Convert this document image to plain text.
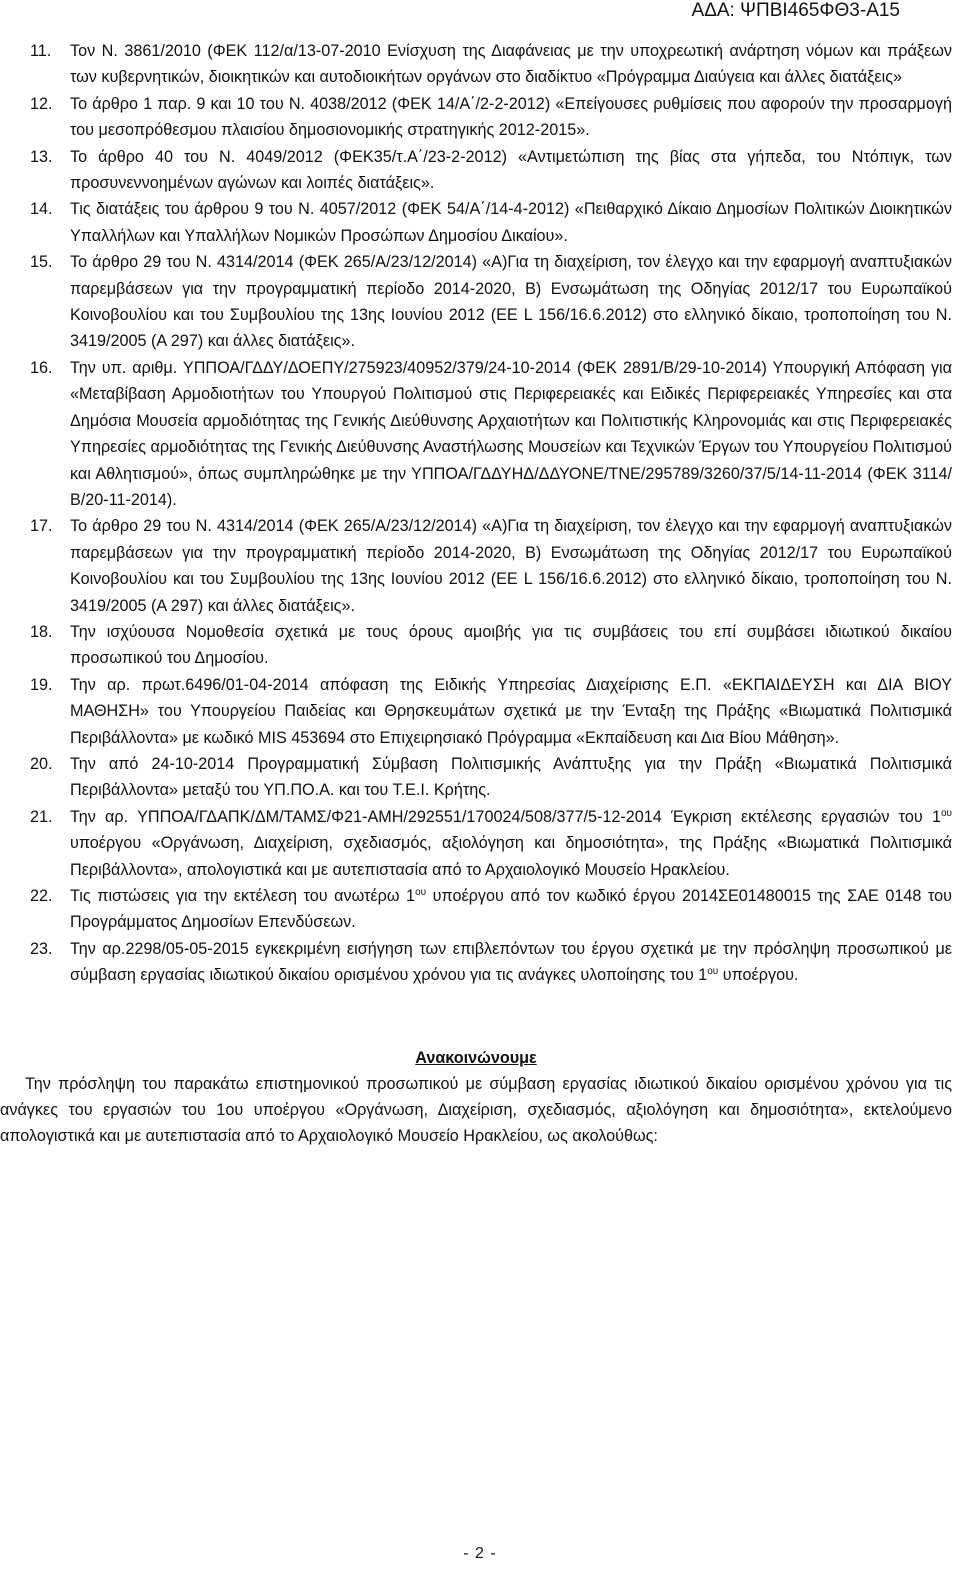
ΑΔΑ: ΨΠΒΙ465ΦΘ3-Α15
11. Τον Ν. 3861/2010 (ΦΕΚ 112/α/13-07-2010 Ενίσχυση της Διαφάνειας με την υποχρεωτική ανάρτηση νόμων και πράξεων των κυβερνητικών, διοικητικών και αυτοδιοικήτων οργάνων στο διαδίκτυο «Πρόγραμμα Διαύγεια και άλλες διατάξεις»
12. Το άρθρο 1 παρ. 9 και 10 του Ν. 4038/2012 (ΦΕΚ 14/Α΄/2-2-2012) «Επείγουσες ρυθμίσεις που αφορούν την προσαρμογή του μεσοπρόθεσμου πλαισίου δημοσιονομικής στρατηγικής 2012-2015».
13. Το άρθρο 40 του Ν. 4049/2012 (ΦΕΚ35/τ.Α΄/23-2-2012) «Αντιμετώπιση της βίας στα γήπεδα, του Ντόπιγκ, των προσυνεννοημένων αγώνων και λοιπές διατάξεις».
14. Τις διατάξεις του άρθρου 9 του Ν. 4057/2012 (ΦΕΚ 54/Α΄/14-4-2012) «Πειθαρχικό Δίκαιο Δημοσίων Πολιτικών Διοικητικών Υπαλλήλων και Υπαλλήλων Νομικών Προσώπων Δημοσίου Δικαίου».
15. Το άρθρο 29 του Ν. 4314/2014 (ΦΕΚ 265/Α/23/12/2014) «Α)Για τη διαχείριση, τον έλεγχο και την εφαρμογή αναπτυξιακών παρεμβάσεων για την προγραμματική περίοδο 2014-2020, Β) Ενσωμάτωση της Οδηγίας 2012/17 του Ευρωπαϊκού Κοινοβουλίου και του Συμβουλίου της 13ης Ιουνίου 2012 (ΕΕ L 156/16.6.2012) στο ελληνικό δίκαιο, τροποποίηση του Ν. 3419/2005 (Α 297) και άλλες διατάξεις».
16. Την υπ. αριθμ. ΥΠΠΟΑ/ΓΔΔΥ/ΔΟΕΠΥ/275923/40952/379/24-10-2014 (ΦΕΚ 2891/Β/29-10-2014) Υπουργική Απόφαση για «Μεταβίβαση Αρμοδιοτήτων του Υπουργού Πολιτισμού στις Περιφερειακές και Ειδικές Περιφερειακές Υπηρεσίες και στα Δημόσια Μουσεία αρμοδιότητας της Γενικής Διεύθυνσης Αρχαιοτήτων και Πολιτιστικής Κληρονομιάς και στις Περιφερειακές Υπηρεσίες αρμοδιότητας της Γενικής Διεύθυνσης Αναστήλωσης Μουσείων και Τεχνικών Έργων του Υπουργείου Πολιτισμού και Αθλητισμού», όπως συμπληρώθηκε με την ΥΠΠΟΑ/ΓΔΔΥΗΔ/ΔΔΥΟΝΕ/ΤΝΕ/295789/3260/37/5/14-11-2014 (ΦΕΚ 3114/Β/20-11-2014).
17. Το άρθρο 29 του Ν. 4314/2014 (ΦΕΚ 265/Α/23/12/2014) «Α)Για τη διαχείριση, τον έλεγχο και την εφαρμογή αναπτυξιακών παρεμβάσεων για την προγραμματική περίοδο 2014-2020, Β) Ενσωμάτωση της Οδηγίας 2012/17 του Ευρωπαϊκού Κοινοβουλίου και του Συμβουλίου της 13ης Ιουνίου 2012 (ΕΕ L 156/16.6.2012) στο ελληνικό δίκαιο, τροποποίηση του Ν. 3419/2005 (Α 297) και άλλες διατάξεις».
18. Την ισχύουσα Νομοθεσία σχετικά με τους όρους αμοιβής για τις συμβάσεις του επί συμβάσει ιδιωτικού δικαίου προσωπικού του Δημοσίου.
19. Την αρ. πρωτ.6496/01-04-2014 απόφαση της Ειδικής Υπηρεσίας Διαχείρισης Ε.Π. «ΕΚΠΑΙΔΕΥΣΗ και ΔΙΑ ΒΙΟΥ ΜΑΘΗΣΗ» του Υπουργείου Παιδείας και Θρησκευμάτων σχετικά με την Ένταξη της Πράξης «Βιωματικά Πολιτισμικά Περιβάλλοντα» με κωδικό MIS 453694 στο Επιχειρησιακό Πρόγραμμα «Εκπαίδευση και Δια Βίου Μάθηση».
20. Την από 24-10-2014 Προγραμματική Σύμβαση Πολιτισμικής Ανάπτυξης για την Πράξη «Βιωματικά Πολιτισμικά Περιβάλλοντα» μεταξύ του ΥΠ.ΠΟ.Α. και του Τ.Ε.Ι. Κρήτης.
21. Την αρ. ΥΠΠΟΑ/ΓΔΑΠΚ/ΔΜ/ΤΑΜΣ/Φ21-ΑΜΗ/292551/170024/508/377/5-12-2014 Έγκριση εκτέλεσης εργασιών του $1^{o\upsilon}$ υποέργου «Οργάνωση, Διαχείριση, σχεδιασμός, αξιολόγηση και δημοσιότητα», της Πράξης «Βιωματικά Πολιτισμικά Περιβάλλοντα», απολογιστικά και με αυτεπιστασία από το Αρχαιολογικό Μουσείο Ηρακλείου.
22. Τις πιστώσεις για την εκτέλεση του ανωτέρω $1^{o\upsilon}$ υποέργου από τον κωδικό έργου 2014ΣΕ01480015 της ΣΑΕ 0148 του Προγράμματος Δημοσίων Επενδύσεων.
23. Την αρ.2298/05-05-2015 εγκεκριμένη εισήγηση των επιβλεπόντων του έργου σχετικά με την πρόσληψη προσωπικού με σύμβαση εργασίας ιδιωτικού δικαίου ορισμένου χρόνου για τις ανάγκες υλοποίησης του $1^{o\upsilon}$ υποέργου.
Ανακοινώνουμε

Την πρόσληψη του παρακάτω επιστημονικού προσωπικού με σύμβαση εργασίας ιδιωτικού δικαίου ορισμένου χρόνου για τις ανάγκες του εργασιών του 1ου υποέργου «Οργάνωση, Διαχείριση, σχεδιασμός, αξιολόγηση και δημοσιότητα», εκτελούμενο απολογιστικά και με αυτεπιστασία από το Αρχαιολογικό Μουσείο Ηρακλείου, ως ακολούθως:

- 2 -
